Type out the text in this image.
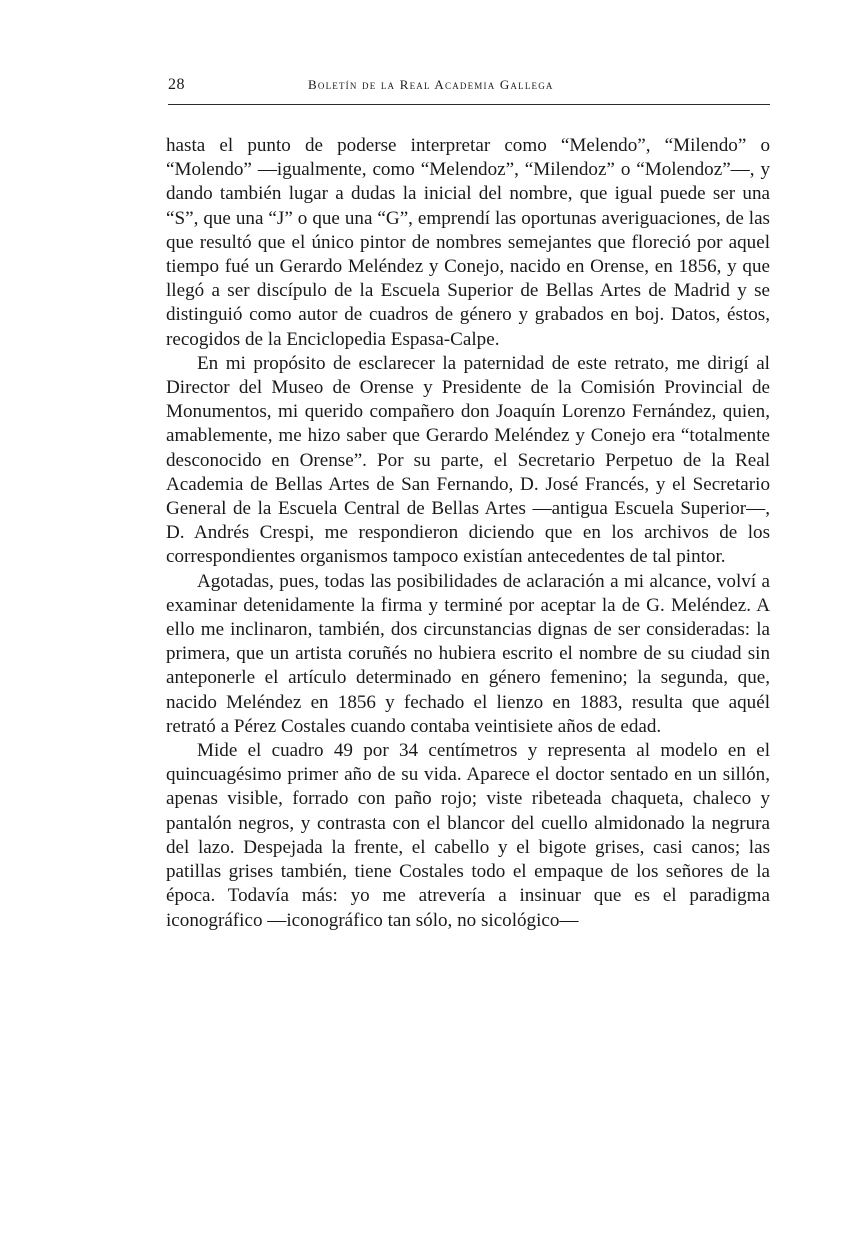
28	Boletín de la Real Academia Gallega

hasta el punto de poderse interpretar como “Melendo”, “Milendo” o “Molendo” —igualmente, como “Melendoz”, “Milendoz” o “Molendoz”—, y dando también lugar a dudas la inicial del nombre, que igual puede ser una “S”, que una “J” o que una “G”, emprendí las oportunas averiguaciones, de las que resultó que el único pintor de nombres semejantes que floreció por aquel tiempo fué un Gerardo Meléndez y Conejo, nacido en Orense, en 1856, y que llegó a ser discípulo de la Escuela Superior de Bellas Artes de Madrid y se distinguió como autor de cuadros de género y grabados en boj. Datos, éstos, recogidos de la Enciclopedia Espasa-Calpe.

En mi propósito de esclarecer la paternidad de este retrato, me dirigí al Director del Museo de Orense y Presidente de la Comisión Provincial de Monumentos, mi querido compañero don Joaquín Lorenzo Fernández, quien, amablemente, me hizo saber que Gerardo Meléndez y Conejo era “totalmente desconocido en Orense”. Por su parte, el Secretario Perpetuo de la Real Academia de Bellas Artes de San Fernando, D. José Francés, y el Secretario General de la Escuela Central de Bellas Artes —antigua Escuela Superior—, D. Andrés Crespi, me respondieron diciendo que en los archivos de los correspondientes organismos tampoco existían antecedentes de tal pintor.

Agotadas, pues, todas las posibilidades de aclaración a mi alcance, volví a examinar detenidamente la firma y terminé por aceptar la de G. Meléndez. A ello me inclinaron, también, dos circunstancias dignas de ser consideradas: la primera, que un artista coruñés no hubiera escrito el nombre de su ciudad sin anteponerle el artículo determinado en género femenino; la segunda, que, nacido Meléndez en 1856 y fechado el lienzo en 1883, resulta que aquél retrató a Pérez Costales cuando contaba veintisiete años de edad.

Mide el cuadro 49 por 34 centímetros y representa al modelo en el quincuagésimo primer año de su vida. Aparece el doctor sentado en un sillón, apenas visible, forrado con paño rojo; viste ribeteada chaqueta, chaleco y pantalón negros, y contrasta con el blancor del cuello almidonado la negrura del lazo. Despejada la frente, el cabello y el bigote grises, casi canos; las patillas grises también, tiene Costales todo el empaque de los señores de la época. Todavía más: yo me atrevería a insinuar que es el paradigma iconográfico —iconográfico tan sólo, no sicológico—
